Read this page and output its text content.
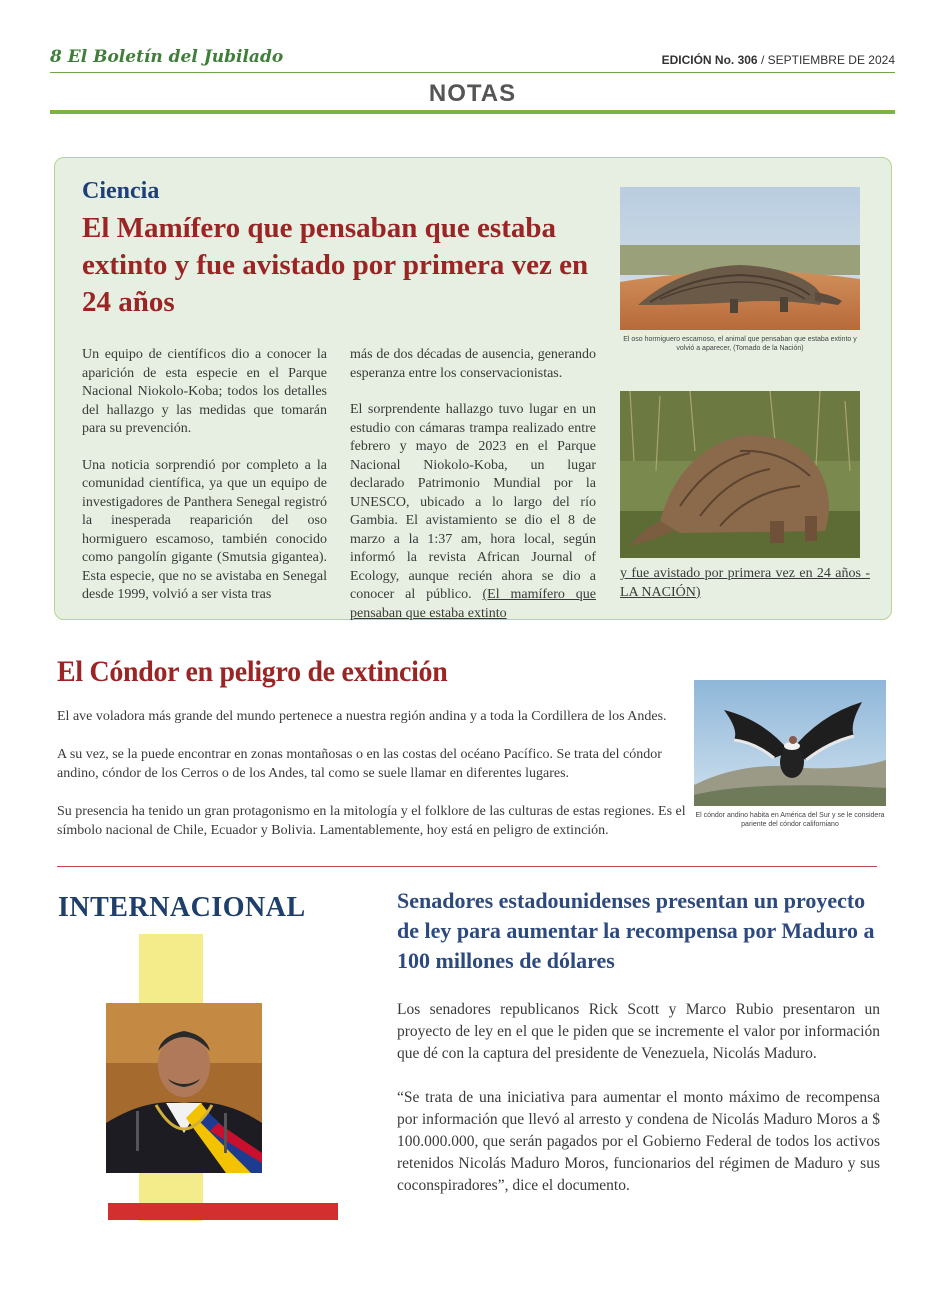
8 El Boletín del Jubilado	EDICIÓN No. 306 / SEPTIEMBRE DE 2024
NOTAS
Ciencia
El Mamífero que pensaban que estaba extinto y fue avistado por primera vez en 24 años

Un equipo de científicos dio a conocer la aparición de esta especie en el Parque Nacional Niokolo-Koba; todos los detalles del hallazgo y las medidas que tomarán para su prevención.

Una noticia sorprendió por completo a la comunidad científica, ya que un equipo de investigadores de Panthera Senegal registró la inesperada reaparición del oso hormiguero escamoso, también conocido como pangolín gigante (Smutsia gigantea). Esta especie, que no se avistaba en Senegal desde 1999, volvió a ser vista tras

más de dos décadas de ausencia, generando esperanza entre los conservacionistas.

El sorprendente hallazgo tuvo lugar en un estudio con cámaras trampa realizado entre febrero y mayo de 2023 en el Parque Nacional Niokolo-Koba, un lugar declarado Patrimonio Mundial por la UNESCO, ubicado a lo largo del río Gambia. El avistamiento se dio el 8 de marzo a la 1:37 am, hora local, según informó la revista African Journal of Ecology, aunque recién ahora se dio a conocer al público. (El mamífero que pensaban que estaba extinto

y fue avistado por primera vez en 24 años - LA NACIÓN)
El oso hormiguero escamoso, el animal que pensaban que estaba extinto y volvió a aparecer, (Tomado de la Nación)
El Cóndor en peligro de extinción

El ave voladora más grande del mundo pertenece a nuestra región andina y a toda la Cordillera de los Andes.

A su vez, se la puede encontrar en zonas montañosas o en las costas del océano Pacífico. Se trata del cóndor andino, cóndor de los Cerros o de los Andes, tal como se suele llamar en diferentes lugares.

Su presencia ha tenido un gran protagonismo en la mitología y el folklore de las culturas de estas regiones. Es el símbolo nacional de Chile, Ecuador y Bolivia. Lamentablemente, hoy está en peligro de extinción.

El cóndor andino habita en América del Sur y se le considera pariente del cóndor californiano
INTERNACIONAL	Senadores estadounidenses presentan un proyecto de ley para aumentar la recompensa por Maduro a 100 millones de dólares

Los senadores republicanos Rick Scott y Marco Rubio presentaron un proyecto de ley en el que le piden que se incremente el valor por información que dé con la captura del presidente de Venezuela, Nicolás Maduro.

“Se trata de una iniciativa para aumentar el monto máximo de recompensa por información que llevó al arresto y condena de Nicolás Maduro Moros a $ 100.000.000, que serán pagados por el Gobierno Federal de todos los activos retenidos Nicolás Maduro Moros, funcionarios del régimen de Maduro y sus coconspiradores”, dice el documento.
